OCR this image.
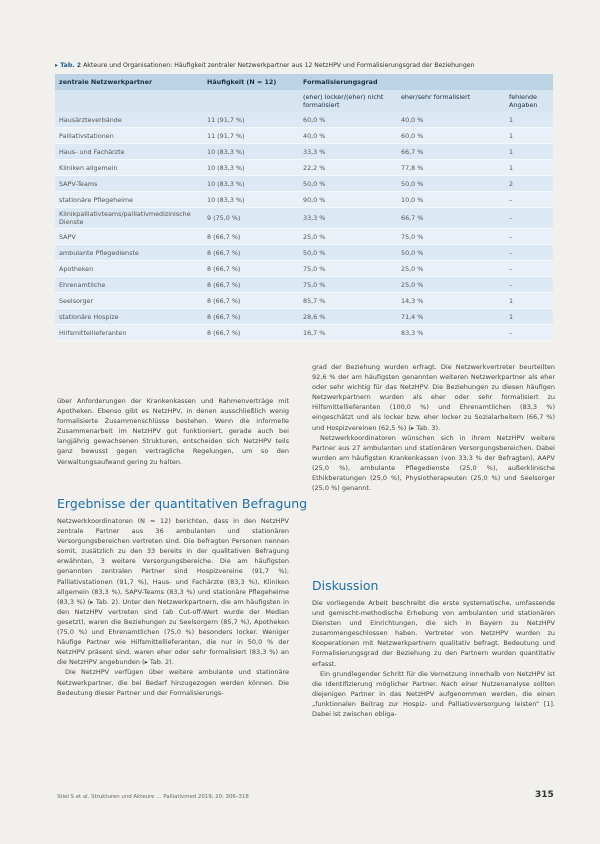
▸ Tab. 2 Akteure und Organisationen: Häufigkeit zentraler Netzwerkpartner aus 12 NetzHPV und Formalisierungsgrad der Beziehungen
zentrale Netzwerkpartner	Häufigkeit (N = 12)	Formalisierungsgrad		
		(eher) locker/(eher) nicht formalisiert	eher/sehr formalisiert	fehlende Angaben
Hausärzteverbände	11 (91,7 %)	60,0 %	40,0 %	1
Palliativstationen	11 (91,7 %)	40,0 %	60,0 %	1
Haus- und Fachärzte	10 (83,3 %)	33,3 %	66,7 %	1
Kliniken allgemein	10 (83,3 %)	22,2 %	77,8 %	1
SAPV-Teams	10 (83,3 %)	50,0 %	50,0 %	2
stationäre Pflegeheime	10 (83,3 %)	90,0 %	10,0 %	–
Klinikpalliativteams/palliativmedizinische Dienste	9 (75,0 %)	33,3 %	66,7 %	–
SAPV	8 (66,7 %)	25,0 %	75,0 %	–
ambulante Pflegedienste	8 (66,7 %)	50,0 %	50,0 %	–
Apotheken	8 (66,7 %)	75,0 %	25,0 %	–
Ehrenamtliche	8 (66,7 %)	75,0 %	25,0 %	–
Seelsorger	8 (66,7 %)	85,7 %	14,3 %	1
stationäre Hospize	8 (66,7 %)	28,6 %	71,4 %	1
Hilfsmittellieferanten	8 (66,7 %)	16,7 %	83,3 %	–

über Anforderungen der Krankenkassen und Rahmenverträge mit Apotheken. Ebenso gibt es NetzHPV, in denen ausschließlich wenig formalisierte Zusammenschlüsse bestehen. Wenn die informelle Zusammenarbeit im NetzHPV gut funktioniert, gerade auch bei langjährig gewachsenen Strukturen, entscheiden sich NetzHPV teils ganz bewusst gegen vertragliche Regelungen, um so den Verwaltungsaufwand gering zu halten.

Ergebnisse der quantitativen Befragung

Netzwerkkoordinatoren (N = 12) berichten, dass in den NetzHPV zentrale Partner aus 36 ambulanten und stationären Versorgungsbereichen vertreten sind. Die befragten Personen nennen somit, zusätzlich zu den 33 bereits in der qualitativen Befragung erwähnten, 3 weitere Versorgungsbereiche. Die am häufigsten genannten zentralen Partner sind Hospizvereine (91,7 %), Palliativstationen (91,7 %), Haus- und Fachärzte (83,3 %), Kliniken allgemein (83,3 %), SAPV-Teams (83,3 %) und stationäre Pflegeheime (83,3 %) (▸ Tab. 2). Unter den Netzwerkpartnern, die am häufigsten in den NetzHPV vertreten sind (ab Cut-off-Wert wurde der Median gesetzt), waren die Beziehungen zu Seelsorgern (85,7 %), Apotheken (75,0 %) und Ehrenamtlichen (75,0 %) besonders locker. Weniger häufige Partner wie Hilfsmittellieferanten, die nur in 50,0 % der NetzHPV präsent sind, waren eher oder sehr formalisiert (83,3 %) an die NetzHPV angebunden (▸ Tab. 2).

Die NetzHPV verfügen über weitere ambulante und stationäre Netzwerkpartner, die bei Bedarf hinzugezogen werden können. Die Bedeutung dieser Partner und der Formalisierungs-

grad der Beziehung wurden erfragt. Die Netzwerkvertreter beurteilten 92,6 % der am häufigsten genannten weiteren Netzwerkpartner als eher oder sehr wichtig für das NetzHPV. Die Beziehungen zu diesen häufigen Netzwerkpartnern wurden als eher oder sehr formalisiert zu Hilfsmittellieferanten (100,0 %) und Ehrenamtlichen (83,3 %) eingeschätzt und als locker bzw. eher locker zu Sozialarbeitern (66,7 %) und Hospizvereinen (62,5 %) (▸ Tab. 3).

Netzwerkkoordinatoren wünschen sich in ihrem NetzHPV weitere Partner aus 27 ambulanten und stationären Versorgungsbereichen. Dabei wurden am häufigsten Krankenkassen (von 33,3 % der Befragten), AAPV (25,0 %), ambulante Pflegedienste (25,0 %), außerklinische Ethikberatungen (25,0 %), Physiotherapeuten (25,0 %) und Seelsorger (25,0 %) genannt.

Diskussion

Die vorliegende Arbeit beschreibt die erste systematische, umfassende und gemischt-methodische Erhebung von ambulanten und stationären Diensten und Einrichtungen, die sich in Bayern zu NetzHPV zusammengeschlossen haben. Vertreter von NetzHPV wurden zu Kooperationen mit Netzwerkpartnern qualitativ befragt. Bedeutung und Formalisierungsgrad der Beziehung zu den Partnern wurden quantitativ erfasst.

Ein grundlegender Schritt für die Vernetzung innerhalb von NetzHPV ist die Identifizierung möglicher Partner. Nach einer Nutzenanalyse sollten diejenigen Partner in das NetzHPV aufgenommen werden, die einen „funktionalen Beitrag zur Hospiz- und Palliativversorgung leisten“ [1]. Dabei ist zwischen obliga-

Stiel S et al. Strukturen und Akteure … Palliativmed 2019; 20: 306–318	315
